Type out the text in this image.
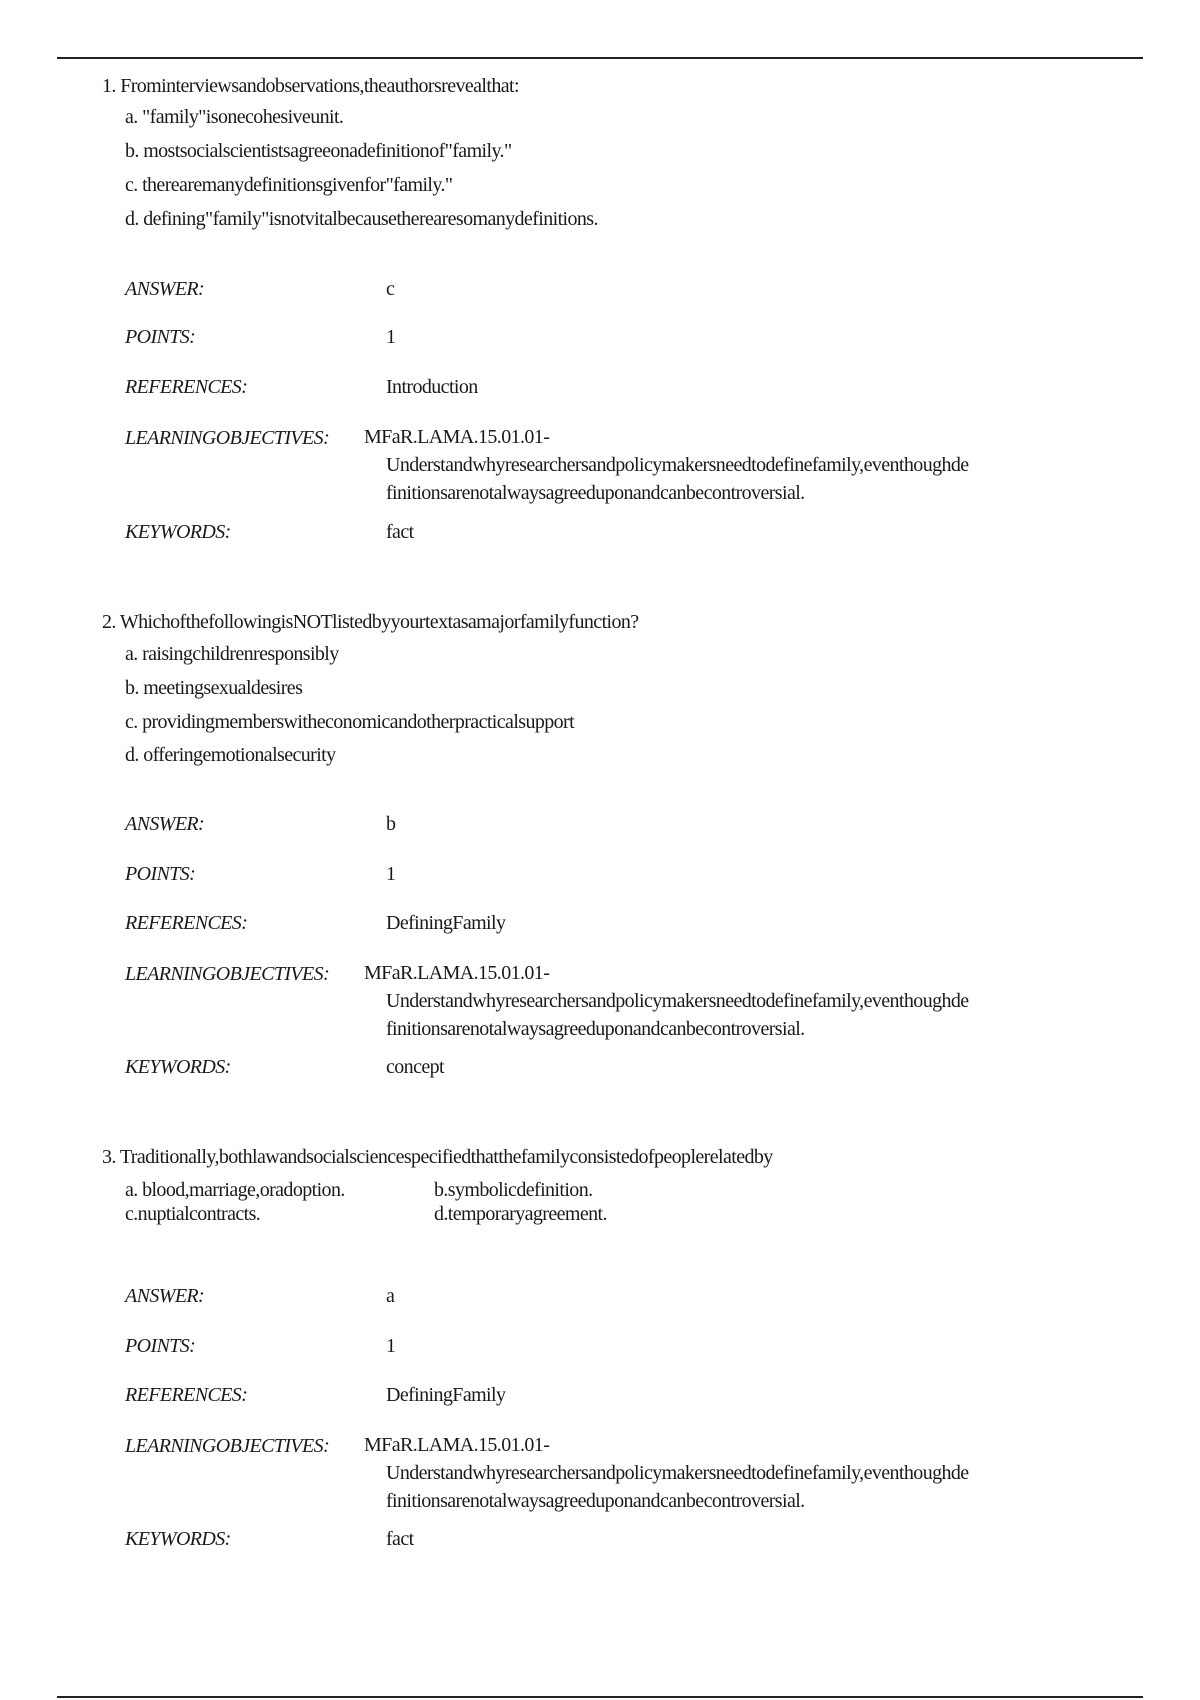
1. Frominterviewsandobservations,theauthorsrevealthat:
a. "family"isonecohesiveunit.
b. mostsocialscientistsagreeonadefinitionof"family."
c. therearemanydefinitionsgivenfor"family."
d. defining"family"isnotvitalbecausetherearesomanydefinitions.
ANSWER:	c
POINTS:	1
REFERENCES:	Introduction
LEARNINGOBJECTIVES: MFaR.LAMA.15.01.01-
Understandwhyresearchersandpolicymakersneedtodefinefamily,eventhoughde
finitionsarenotalwaysagreeduponandcanbecontroversial.
KEYWORDS:	fact
2. WhichofthefollowingisNOTlistedbyyourtextasamajorfamilyfunction?
a. raisingchildrenresponsibly
b. meetingsexualdesires
c. providingmemberswitheconomicandotherpracticalsupport
d. offeringemotionalsecurity
ANSWER:	b
POINTS:	1
REFERENCES:	DefiningFamily
LEARNINGOBJECTIVES: MFaR.LAMA.15.01.01-
Understandwhyresearchersandpolicymakersneedtodefinefamily,eventhoughde
finitionsarenotalwaysagreeduponandcanbecontroversial.
KEYWORDS:	concept
3. Traditionally,bothlawandsocialsciencespecifiedthatthefamilyconsistedofpeoplerelatedby
a. blood,marriage,oradoption.	b.symbolicdefinition.
c.nuptialcontracts.	d.temporaryagreement.
ANSWER:	a
POINTS:	1
REFERENCES:	DefiningFamily
LEARNINGOBJECTIVES: MFaR.LAMA.15.01.01-
Understandwhyresearchersandpolicymakersneedtodefinefamily,eventhoughde
finitionsarenotalwaysagreeduponandcanbecontroversial.
KEYWORDS:	fact
